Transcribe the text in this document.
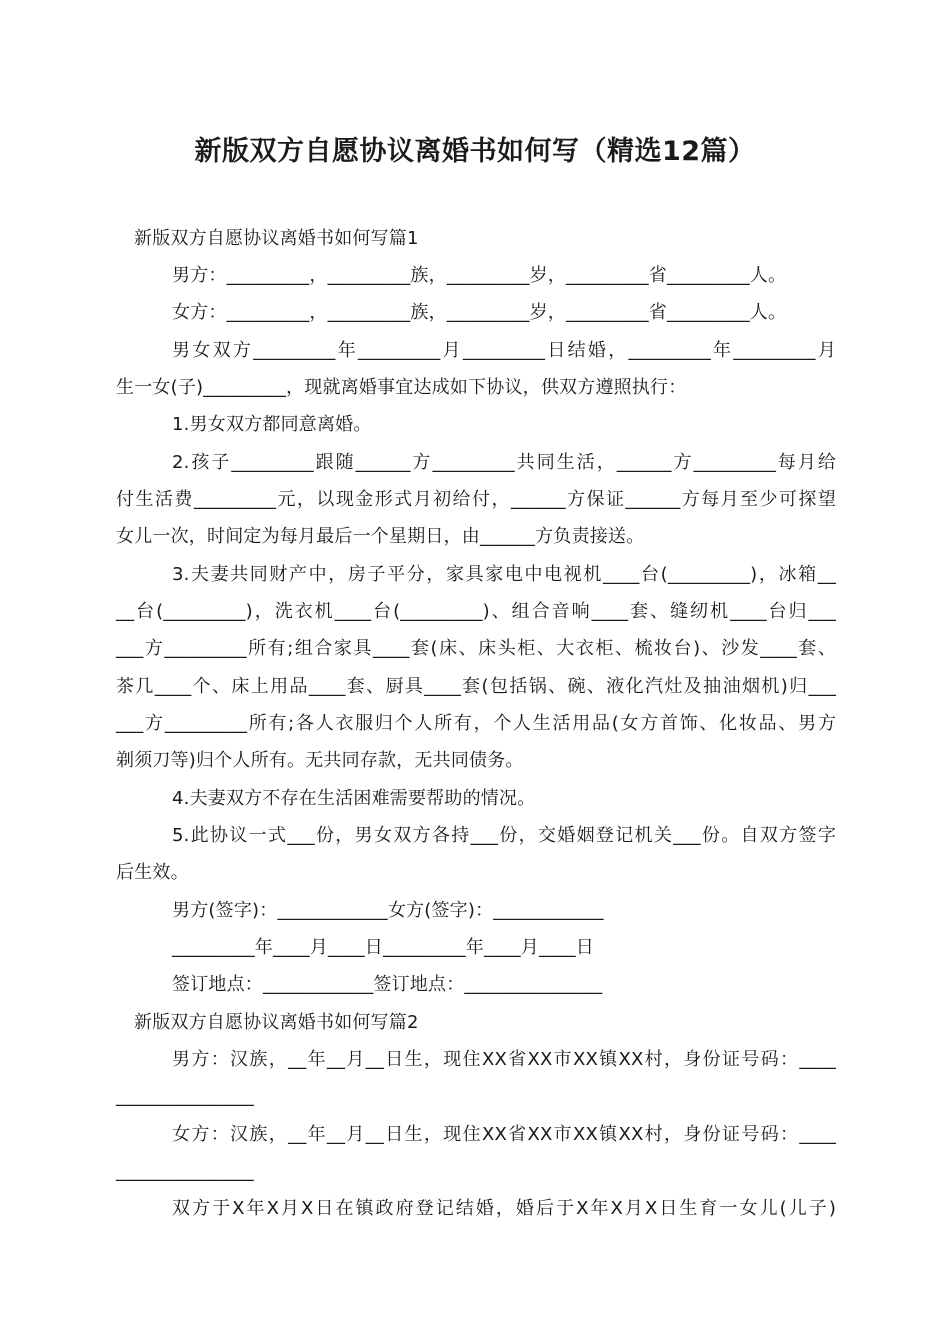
新版双方自愿协议离婚书如何写（精选12篇）
新版双方自愿协议离婚书如何写篇1
男方：_________，_________族，_________岁，_________省_________人。
女方：_________，_________族，_________岁，_________省_________人。
男女双方_________年_________月_________日结婚，_________年_________月
生一女(子)_________，现就离婚事宜达成如下协议，供双方遵照执行：
1.男女双方都同意离婚。
2.孩子_________跟随______方_________共同生活，______方_________每月给
付生活费_________元，以现金形式月初给付，______方保证______方每月至少可探望
女儿一次，时间定为每月最后一个星期日，由______方负责接送。
3.夫妻共同财产中，房子平分，家具家电中电视机____台(_________)，冰箱__
__台(_________)，洗衣机____台(_________)、组合音响____套、缝纫机____台归___
___方_________所有;组合家具____套(床、床头柜、大衣柜、梳妆台)、沙发____套、
茶几____个、床上用品____套、厨具____套(包括锅、碗、液化汽灶及抽油烟机)归___
___方_________所有;各人衣服归个人所有，个人生活用品(女方首饰、化妆品、男方
剃须刀等)归个人所有。无共同存款，无共同债务。
4.夫妻双方不存在生活困难需要帮助的情况。
5.此协议一式___份，男女双方各持___份，交婚姻登记机关___份。自双方签字
后生效。
男方(签字)：____________女方(签字)：____________
_________年____月____日_________年____月____日
签订地点：____________签订地点：_______________
新版双方自愿协议离婚书如何写篇2
男方：汉族，__年__月__日生，现住XX省XX市XX镇XX村，身份证号码：____
_______________
女方：汉族，__年__月__日生，现住XX省XX市XX镇XX村，身份证号码：____
_______________
双方于X年X月X日在镇政府登记结婚，婚后于X年X月X日生育一女儿(儿子)
